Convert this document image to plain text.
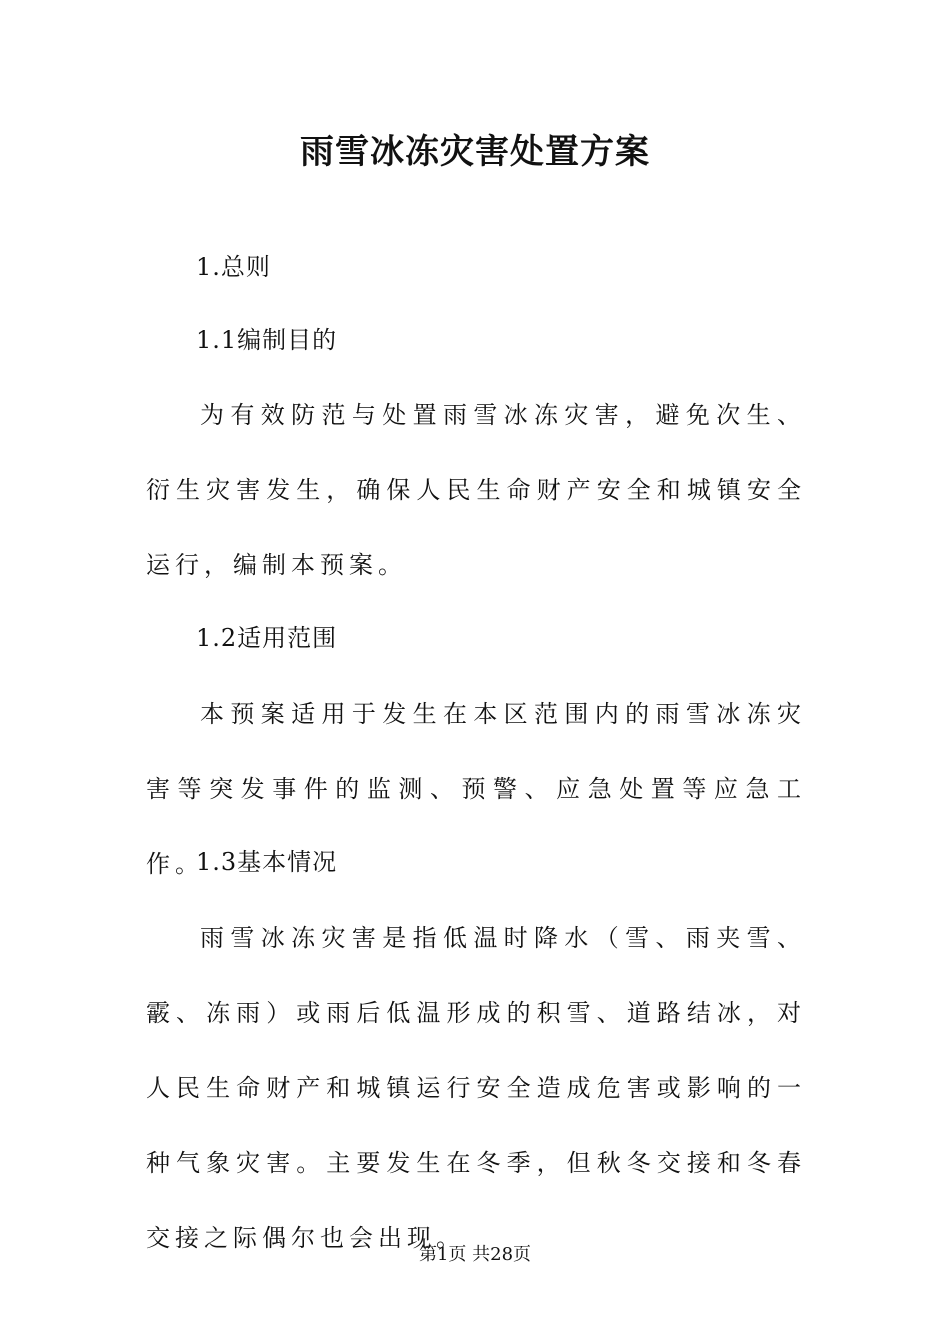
雨雪冰冻灾害处置方案
1.总则
1.1编制目的

为有效防范与处置雨雪冰冻灾害，避免次生、衍生灾害发生，确保人民生命财产安全和城镇安全运行，编制本预案。

1.2适用范围

本预案适用于发生在本区范围内的雨雪冰冻灾害等突发事件的监测、预警、应急处置等应急工作。

1.3基本情况

雨雪冰冻灾害是指低温时降水（雪、雨夹雪、霰、冻雨）或雨后低温形成的积雪、道路结冰，对人民生命财产和城镇运行安全造成危害或影响的一种气象灾害。主要发生在冬季，但秋冬交接和冬春交接之际偶尔也会出现。

第1页 共28页
